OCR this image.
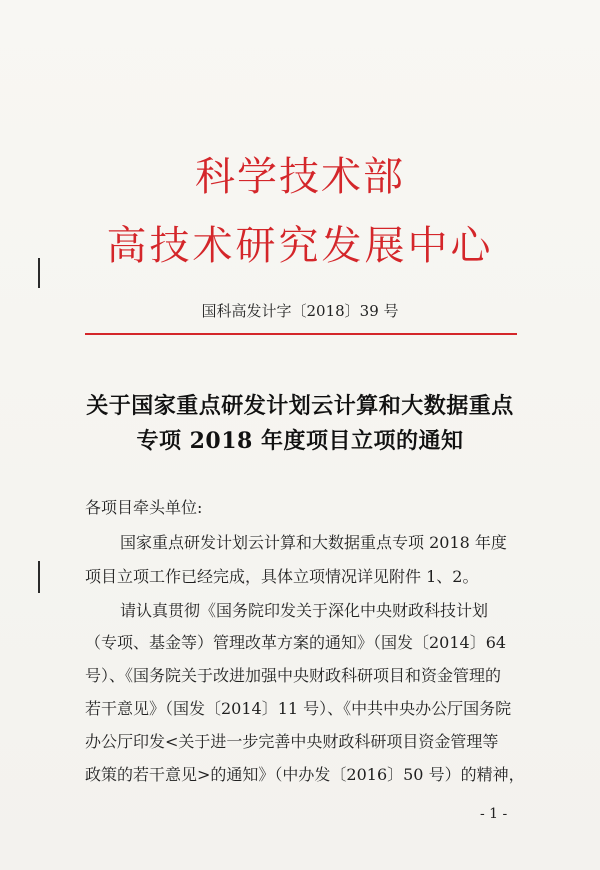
科学技术部
高技术研究发展中心
国科高发计字〔2018〕39 号
关于国家重点研发计划云计算和大数据重点
专项 2018 年度项目立项的通知
各项目牵头单位:
国家重点研发计划云计算和大数据重点专项 2018 年度
项目立项工作已经完成，具体立项情况详见附件 1、2。
请认真贯彻《国务院印发关于深化中央财政科技计划
（专项、基金等）管理改革方案的通知》（国发〔2014〕64
号）、《国务院关于改进加强中央财政科研项目和资金管理的
若干意见》（国发〔2014〕11 号）、《中共中央办公厅国务院
办公厅印发<关于进一步完善中央财政科研项目资金管理等
政策的若干意见>的通知》（中办发〔2016〕50 号）的精神，
- 1 -
